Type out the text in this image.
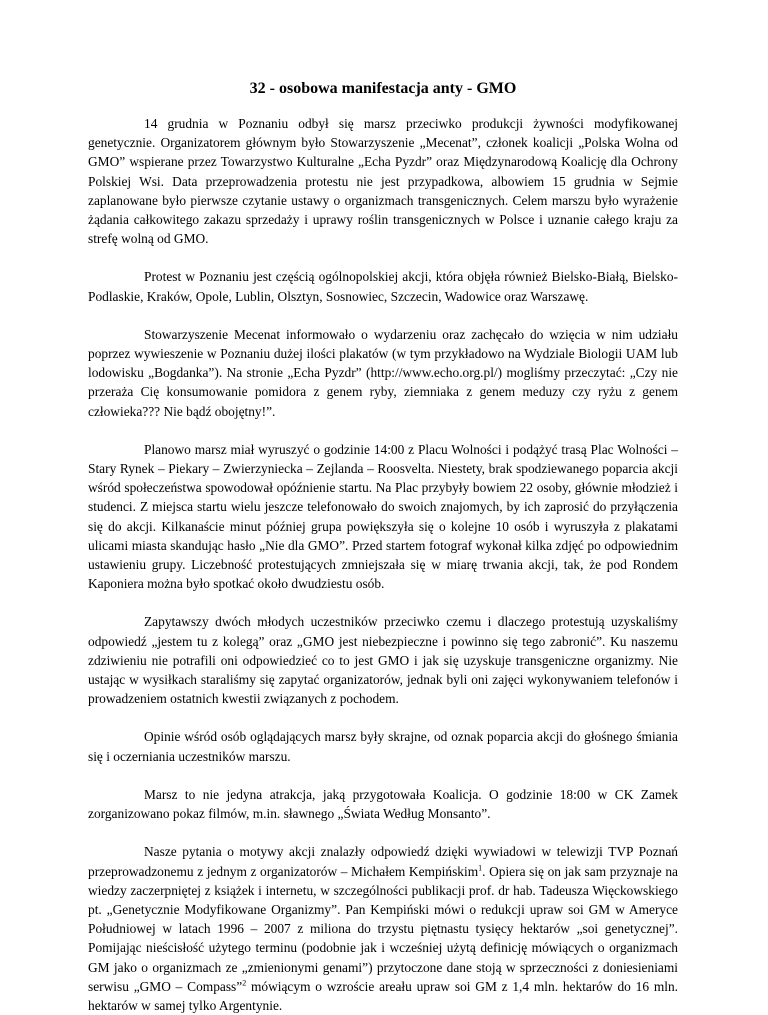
32 - osobowa manifestacja anty - GMO

14 grudnia w Poznaniu odbył się marsz przeciwko produkcji żywności modyfikowanej genetycznie. Organizatorem głównym było Stowarzyszenie „Mecenat”, członek koalicji „Polska Wolna od GMO” wspierane przez Towarzystwo Kulturalne „Echa Pyzdr” oraz Międzynarodową Koalicję dla Ochrony Polskiej Wsi. Data przeprowadzenia protestu nie jest przypadkowa, albowiem 15 grudnia w Sejmie zaplanowane było pierwsze czytanie ustawy o organizmach transgenicznych. Celem marszu było wyrażenie żądania całkowitego zakazu sprzedaży i uprawy roślin transgenicznych w Polsce i uznanie całego kraju za strefę wolną od GMO.

Protest w Poznaniu jest częścią ogólnopolskiej akcji, która objęła również Bielsko-Białą, Bielsko-Podlaskie, Kraków, Opole, Lublin, Olsztyn, Sosnowiec, Szczecin, Wadowice oraz Warszawę.

Stowarzyszenie Mecenat informowało o wydarzeniu oraz zachęcało do wzięcia w nim udziału poprzez wywieszenie w Poznaniu dużej ilości plakatów (w tym przykładowo na Wydziale Biologii UAM lub lodowisku „Bogdanka”). Na stronie „Echa Pyzdr” (http://www.echo.org.pl/) mogliśmy przeczytać: „Czy nie przeraża Cię konsumowanie pomidora z genem ryby, ziemniaka z genem meduzy czy ryżu z genem człowieka??? Nie bądź obojętny!”.

Planowo marsz miał wyruszyć o godzinie 14:00 z Placu Wolności i podążyć trasą Plac Wolności – Stary Rynek – Piekary – Zwierzyniecka – Zejlanda – Roosvelta. Niestety, brak spodziewanego poparcia akcji wśród społeczeństwa spowodował opóźnienie startu. Na Plac przybyły bowiem 22 osoby, głównie młodzież i studenci. Z miejsca startu wielu jeszcze telefonowało do swoich znajomych, by ich zaprosić do przyłączenia się do akcji. Kilkanaście minut później grupa powiększyła się o kolejne 10 osób i wyruszyła z plakatami ulicami miasta skandując hasło „Nie dla GMO”. Przed startem fotograf wykonał kilka zdjęć po odpowiednim ustawieniu grupy. Liczebność protestujących zmniejszała się w miarę trwania akcji, tak, że pod Rondem Kaponiera można było spotkać około dwudziestu osób.

Zapytawszy dwóch młodych uczestników przeciwko czemu i dlaczego protestują uzyskaliśmy odpowiedź „jestem tu z kolegą” oraz „GMO jest niebezpieczne i powinno się tego zabronić”. Ku naszemu zdziwieniu nie potrafili oni odpowiedzieć co to jest GMO i jak się uzyskuje transgeniczne organizmy. Nie ustając w wysiłkach staraliśmy się zapytać organizatorów, jednak byli oni zajęci wykonywaniem telefonów i prowadzeniem ostatnich kwestii związanych z pochodem.

Opinie wśród osób oglądających marsz były skrajne, od oznak poparcia akcji do głośnego śmiania się i oczerniania uczestników marszu.

Marsz to nie jedyna atrakcja, jaką przygotowała Koalicja. O godzinie 18:00 w CK Zamek zorganizowano pokaz filmów, m.in. sławnego „Świata Według Monsanto”.

Nasze pytania o motywy akcji znalazły odpowiedź dzięki wywiadowi w telewizji TVP Poznań przeprowadzonemu z jednym z organizatorów – Michałem Kempińskim$^1$. Opiera się on jak sam przyznaje na wiedzy zaczerpniętej z książek i internetu, w szczególności publikacji prof. dr hab. Tadeusza Więckowskiego pt. „Genetycznie Modyfikowane Organizmy”. Pan Kempiński mówi o redukcji upraw soi GM w Ameryce Południowej w latach 1996 – 2007 z miliona do trzystu piętnastu tysięcy hektarów „soi genetycznej”. Pomijając nieścisłość użytego terminu (podobnie jak i wcześniej użytą definicję mówiących o organizmach GM jako o organizmach ze „zmienionymi genami”) przytoczone dane stoją w sprzeczności z doniesieniami serwisu „GMO – Compass”$^2$ mówiącym o wzroście areału upraw soi GM z 1,4 mln. hektarów do 16 mln. hektarów w samej tylko Argentynie.
